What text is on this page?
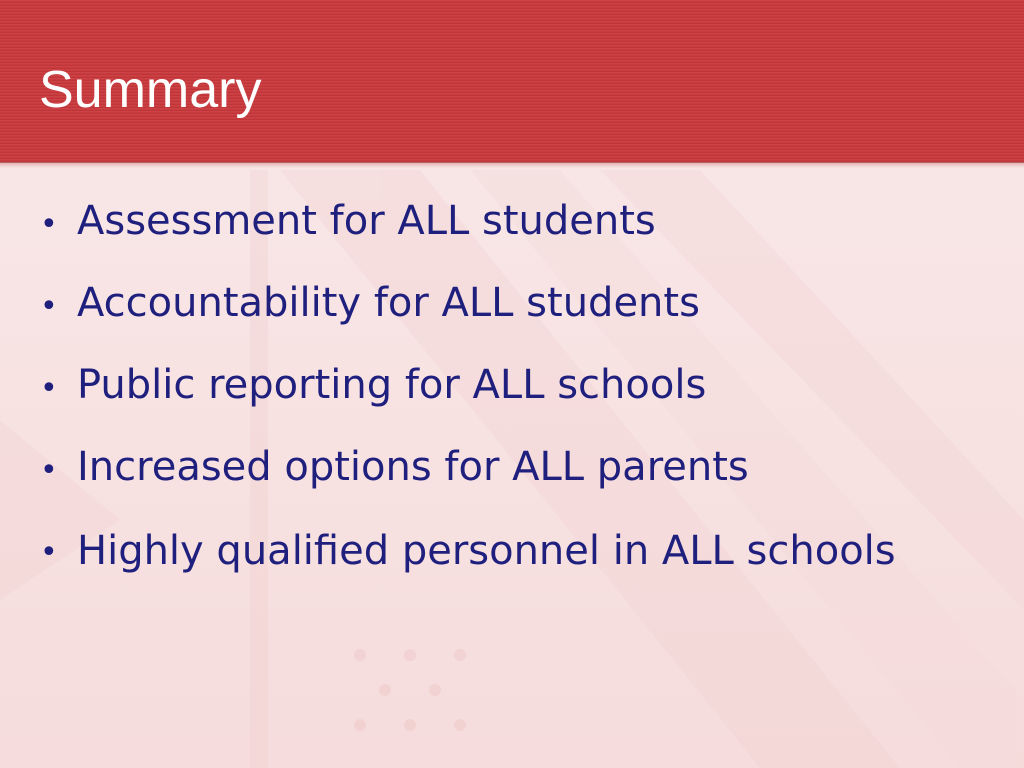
Summary
• Assessment for ALL students
• Accountability for ALL students
• Public reporting for ALL schools
• Increased options for ALL parents
• Highly qualified personnel in ALL schools
